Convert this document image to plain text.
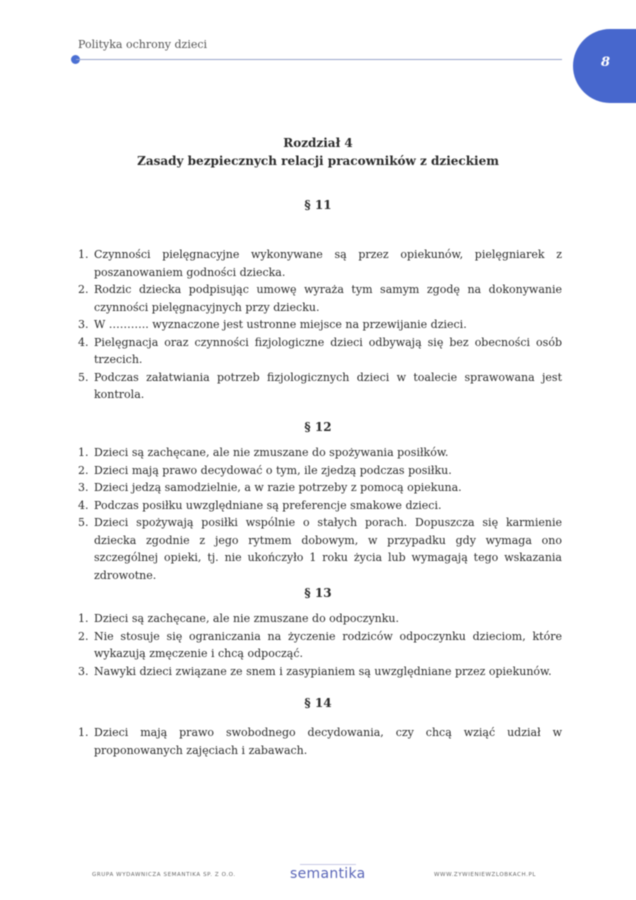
Polityka ochrony dzieci
8
Rozdział 4
Zasady bezpiecznych relacji pracowników z dzieckiem
§ 11
1. Czynności pielęgnacyjne wykonywane są przez opiekunów, pielęgniarek z poszanowaniem godności dziecka.
2. Rodzic dziecka podpisując umowę wyraża tym samym zgodę na dokonywanie czynności pielęgnacyjnych przy dziecku.
3. W ……….. wyznaczone jest ustronne miejsce na przewijanie dzieci.
4. Pielęgnacja oraz czynności fizjologiczne dzieci odbywają się bez obecności osób trzecich.
5. Podczas załatwiania potrzeb fizjologicznych dzieci w toalecie sprawowana jest kontrola.
§ 12
1. Dzieci są zachęcane, ale nie zmuszane do spożywania posiłków.
2. Dzieci mają prawo decydować o tym, ile zjedzą podczas posiłku.
3. Dzieci jedzą samodzielnie, a w razie potrzeby z pomocą opiekuna.
4. Podczas posiłku uwzględniane są preferencje smakowe dzieci.
5. Dzieci spożywają posiłki wspólnie o stałych porach. Dopuszcza się karmienie dziecka zgodnie z jego rytmem dobowym, w przypadku gdy wymaga ono szczególnej opieki, tj. nie ukończyło 1 roku życia lub wymagają tego wskazania zdrowotne.
§ 13
1. Dzieci są zachęcane, ale nie zmuszane do odpoczynku.
2. Nie stosuje się ograniczania na życzenie rodziców odpoczynku dzieciom, które wykazują zmęczenie i chcą odpocząć.
3. Nawyki dzieci związane ze snem i zasypianiem są uwzględniane przez opiekunów.
§ 14
1. Dzieci mają prawo swobodnego decydowania, czy chcą wziąć udział w proponowanych zajęciach i zabawach.
GRUPA WYDAWNICZA SEMANTIKA SP. Z O.O.	semantika	WWW.ZYWIENIEWZLOBKACH.PL
